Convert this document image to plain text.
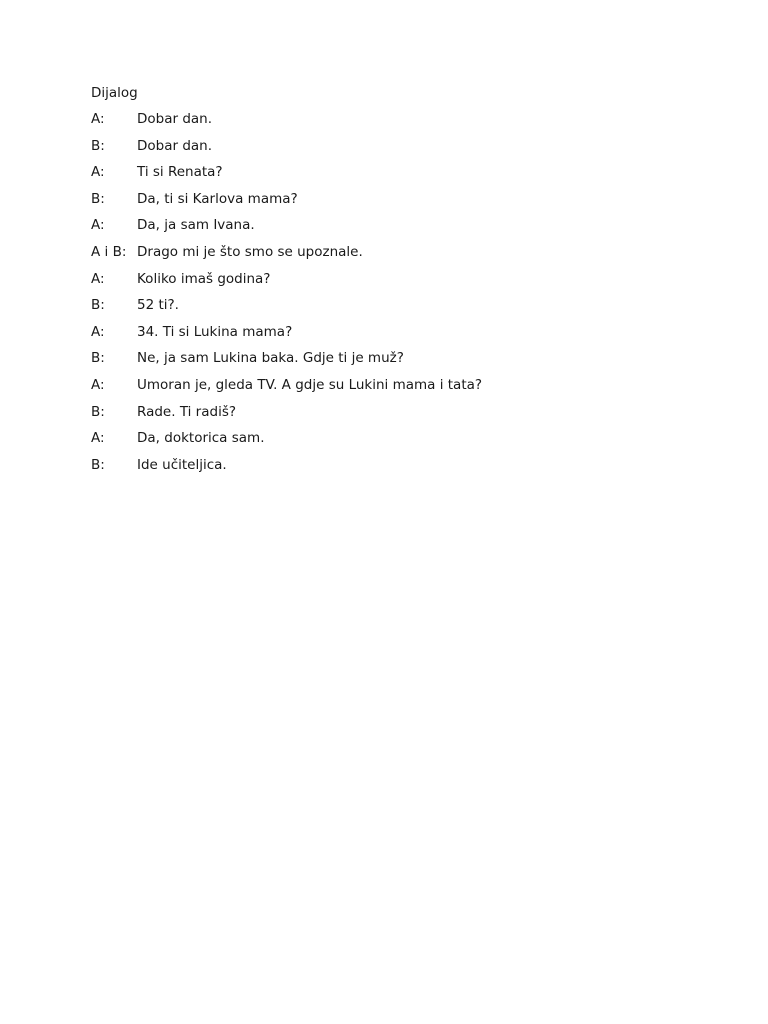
Dijalog
A:	Dobar dan.
B:	Dobar dan.
A:	Ti si Renata?
B:	Da, ti si Karlova mama?
A:	Da, ja sam Ivana.
A i B: Drago mi je što smo se upoznale.
A:	Koliko imaš godina?
B:	52 ti?.
A:	34. Ti si Lukina mama?
B:	Ne, ja sam Lukina baka. Gdje ti je muž?
A:	Umoran je, gleda TV. A gdje su Lukini mama i tata?
B:	Rade. Ti radiš?
A:	Da, doktorica sam.
B:	Ide učiteljica.
